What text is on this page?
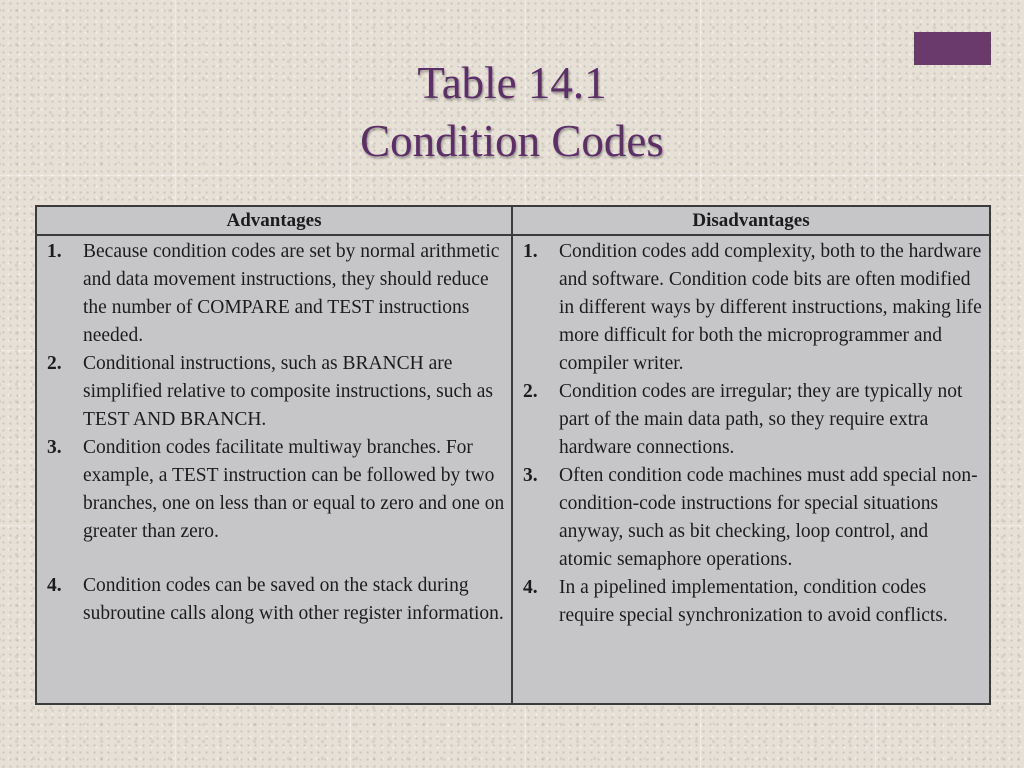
Table 14.1
Condition Codes
Advantages	Disadvantages
1. Because condition codes are set by normal arithmetic and data movement instructions, they should reduce the number of COMPARE and TEST instructions needed.
2. Conditional instructions, such as BRANCH are simplified relative to composite instructions, such as TEST AND BRANCH.
3. Condition codes facilitate multiway branches. For example, a TEST instruction can be followed by two branches, one on less than or equal to zero and one on greater than zero.
4. Condition codes can be saved on the stack during subroutine calls along with other register information.
1. Condition codes add complexity, both to the hardware and software. Condition code bits are often modified in different ways by different instructions, making life more difficult for both the microprogrammer and compiler writer.
2. Condition codes are irregular; they are typically not part of the main data path, so they require extra hardware connections.
3. Often condition code machines must add special non-condition-code instructions for special situations anyway, such as bit checking, loop control, and atomic semaphore operations.
4. In a pipelined implementation, condition codes require special synchronization to avoid conflicts.
